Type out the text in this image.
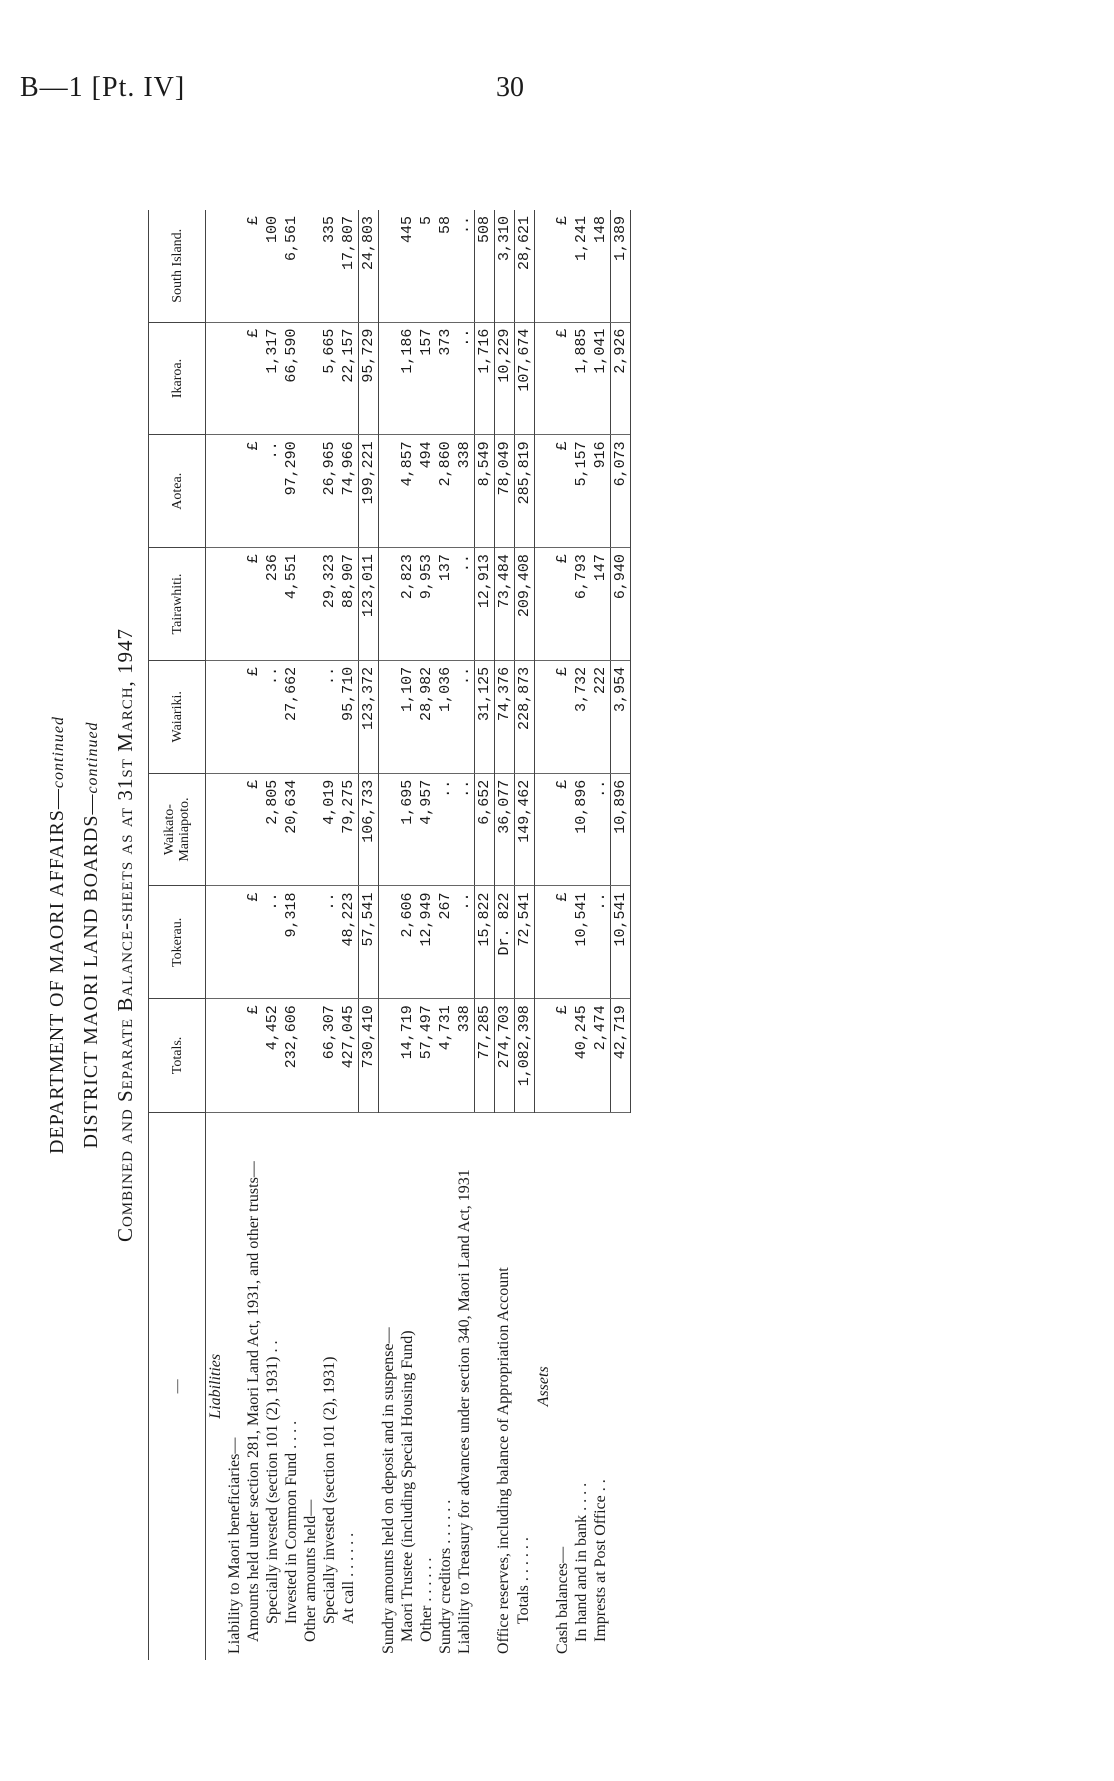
B—1 [Pt. IV]	30
DEPARTMENT OF MAORI AFFAIRS—continued
DISTRICT MAORI LAND BOARDS—continued Combined and Separate Balance-sheets as at 31st March, 1947
—	Totals.	Tokerau.	Waikato-Maniapoto.	Waiariki.	Tairawhiti.	Aotea.	Ikaroa.	South Island.
Liabilities								
Liability to Maori beneficiaries—								
Amounts held under section 281, Maori Land Act, 1931, and other trusts—	£	£	£	£	£	£	£	£
Specially invested (section 101 (2), 1931) . .	4,452	..	2,805	..	236	..	1,317	100
Invested in Common Fund . . . .	232,606	9,318	20,634	27,662	4,551	97,290	66,590	6,561
Other amounts held—								
Specially invested (section 101 (2), 1931)	66,307	..	4,019	..	29,323	26,965	5,665	335
At call . . . . . .	427,045	48,223	79,275	95,710	88,907	74,966	22,157	17,807
	730,410	57,541	106,733	123,372	123,011	199,221	95,729	24,803
Sundry amounts held on deposit and in suspense—								
Maori Trustee (including Special Housing Fund)	14,719	2,606	1,695	1,107	2,823	4,857	1,186	445
Other . . . . . .	57,497	12,949	4,957	28,982	9,953	494	157	5
Sundry creditors . . . . . .	4,731	267	..	1,036	137	2,860	373	58
Liability to Treasury for advances under section 340, Maori Land Act, 1931	338	..	..	..	..	338	..	..
	77,285	15,822	6,652	31,125	12,913	8,549	1,716	508
Office reserves, including balance of Appropriation Account	274,703	Dr. 822	36,077	74,376	73,484	78,049	10,229	3,310
Totals . . . . . .	1,082,398	72,541	149,462	228,873	209,408	285,819	107,674	28,621
Assets								
Cash balances—	£	£	£	£	£	£	£	£
In hand and in bank . . . .	40,245	10,541	10,896	3,732	6,793	5,157	1,885	1,241
Imprests at Post Office . .	2,474	..	..	222	147	916	1,041	148
	42,719	10,541	10,896	3,954	6,940	6,073	2,926	1,389
